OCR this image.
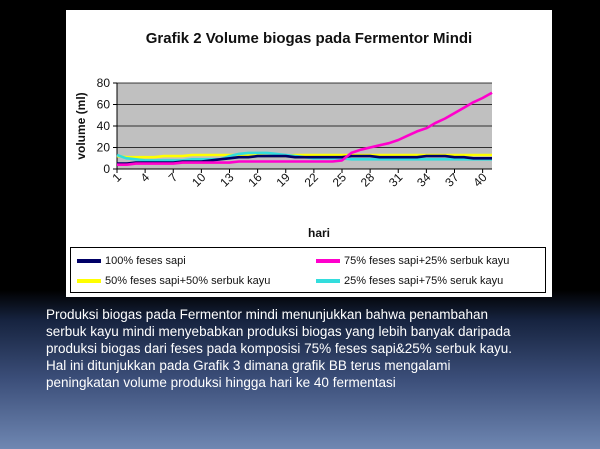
Grafik 2 Volume biogas pada Fermentor Mindi
0
20
40
60
80
1 4 7 10 13 16 19 22 25 28 31 34 37 40
volume (ml)
hari
100% feses sapi	75% feses sapi+25% serbuk kayu
50% feses sapi+50% serbuk kayu	25% feses sapi+75% seruk kayu
Produksi biogas pada Fermentor mindi menunjukkan bahwa penambahan
serbuk kayu mindi menyebabkan produksi biogas yang lebih banyak daripada
produksi biogas dari feses pada komposisi 75% feses sapi&25% serbuk kayu.
Hal ini ditunjukkan pada Grafik 3 dimana grafik BB terus mengalami
peningkatan volume produksi hingga hari ke 40 fermentasi
